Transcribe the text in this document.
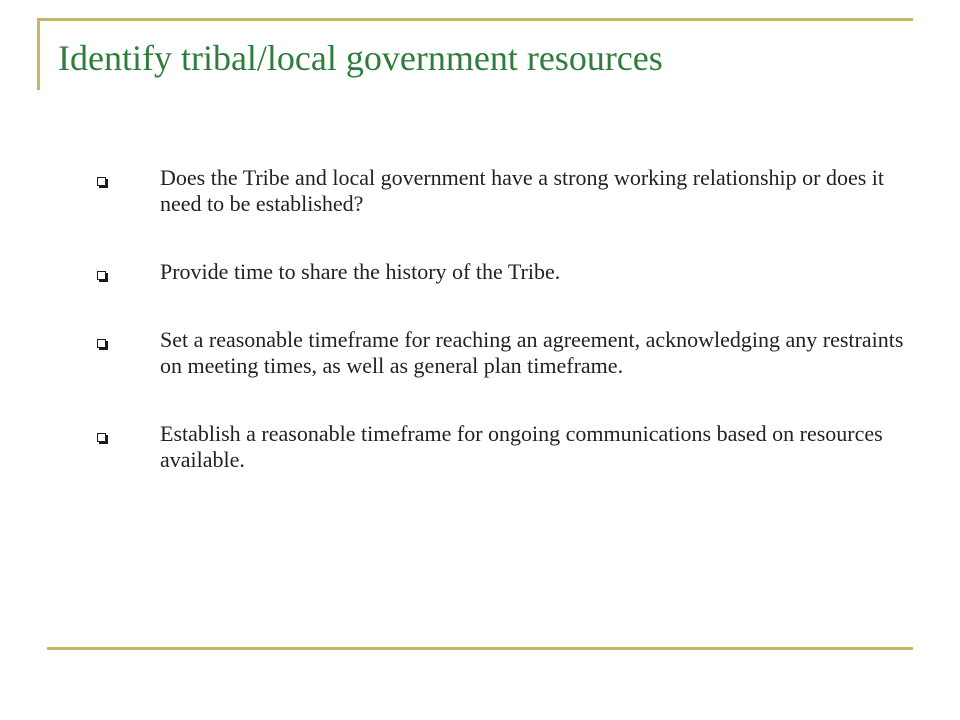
Identify tribal/local government resources
Does the Tribe and local government have a strong working relationship or does it need to be established?
Provide time to share the history of the Tribe.
Set a reasonable timeframe for reaching an agreement, acknowledging any restraints on meeting times, as well as general plan timeframe.
Establish a reasonable timeframe for ongoing communications based on resources available.
